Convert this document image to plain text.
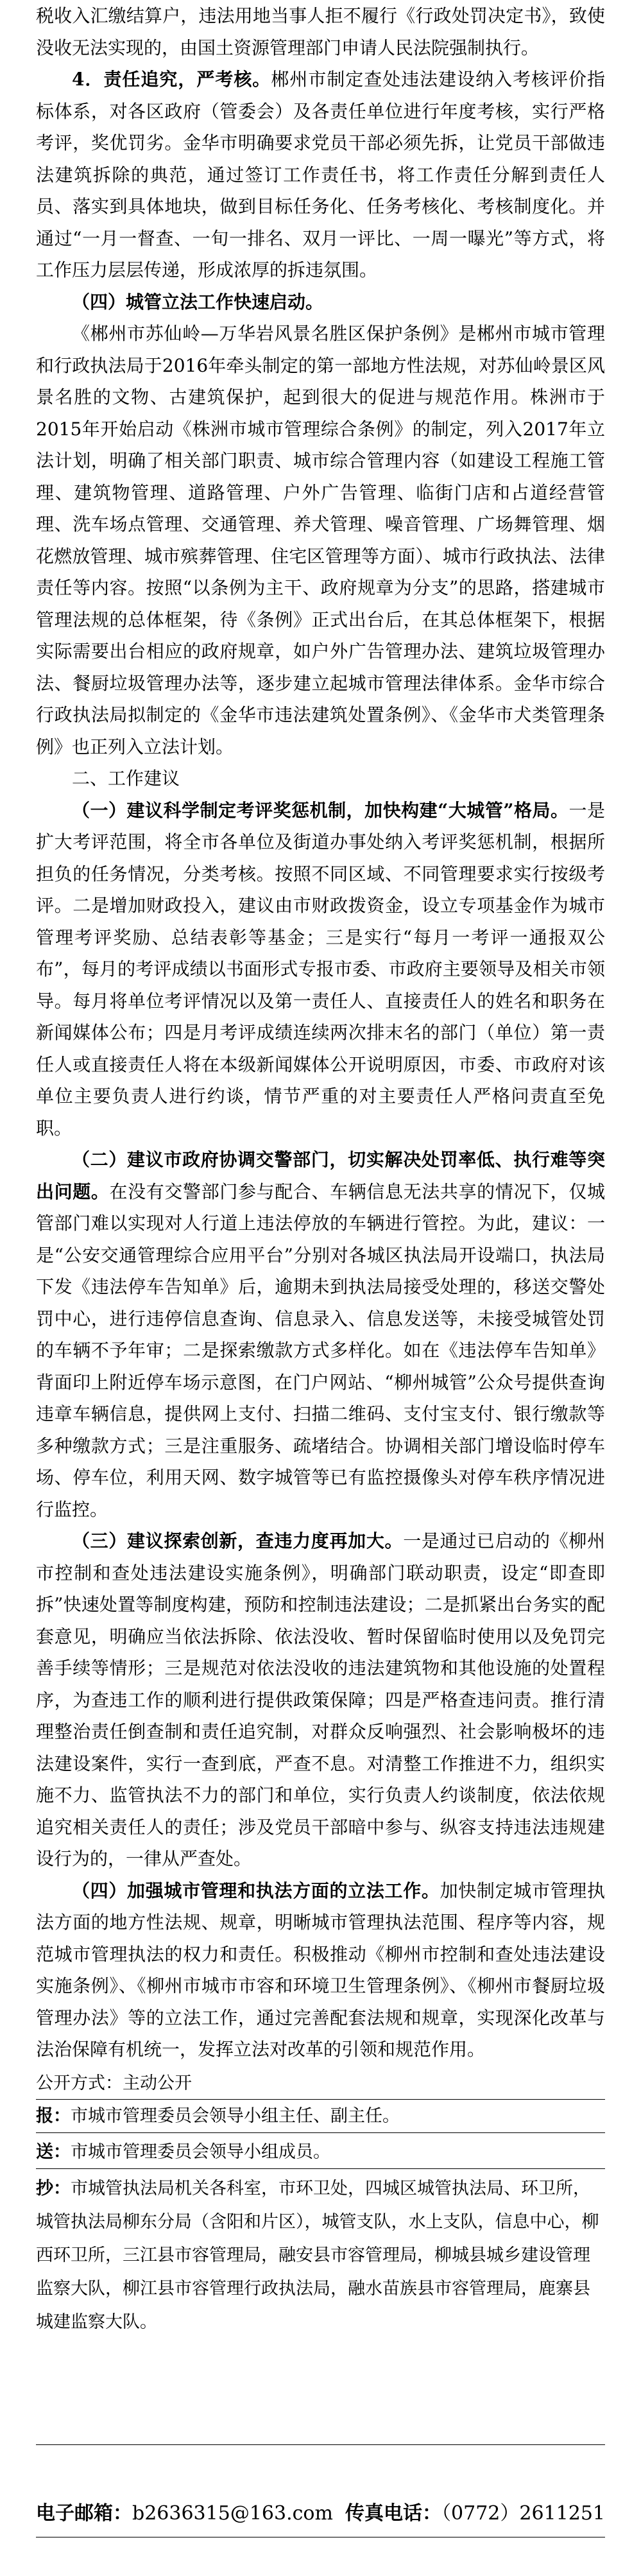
税收入汇缴结算户，违法用地当事人拒不履行《行政处罚决定书》，致使没收无法实现的，由国土资源管理部门申请人民法院强制执行。

4．责任追究，严考核。郴州市制定查处违法建设纳入考核评价指标体系，对各区政府（管委会）及各责任单位进行年度考核，实行严格考评，奖优罚劣。金华市明确要求党员干部必须先拆，让党员干部做违法建筑拆除的典范，通过签订工作责任书，将工作责任分解到责任人员、落实到具体地块，做到目标任务化、任务考核化、考核制度化。并通过“一月一督查、一旬一排名、双月一评比、一周一曝光”等方式，将工作压力层层传递，形成浓厚的拆违氛围。

（四）城管立法工作快速启动。

《郴州市苏仙岭—万华岩风景名胜区保护条例》是郴州市城市管理和行政执法局于2016年牵头制定的第一部地方性法规，对苏仙岭景区风景名胜的文物、古建筑保护，起到很大的促进与规范作用。株洲市于2015年开始启动《株洲市城市管理综合条例》的制定，列入2017年立法计划，明确了相关部门职责、城市综合管理内容（如建设工程施工管理、建筑物管理、道路管理、户外广告管理、临街门店和占道经营管理、洗车场点管理、交通管理、养犬管理、噪音管理、广场舞管理、烟花燃放管理、城市殡葬管理、住宅区管理等方面）、城市行政执法、法律责任等内容。按照“以条例为主干、政府规章为分支”的思路，搭建城市管理法规的总体框架，待《条例》正式出台后，在其总体框架下，根据实际需要出台相应的政府规章，如户外广告管理办法、建筑垃圾管理办法、餐厨垃圾管理办法等，逐步建立起城市管理法律体系。金华市综合行政执法局拟制定的《金华市违法建筑处置条例》、《金华市犬类管理条例》也正列入立法计划。

二、工作建议

（一）建议科学制定考评奖惩机制，加快构建“大城管”格局。一是扩大考评范围，将全市各单位及街道办事处纳入考评奖惩机制，根据所担负的任务情况，分类考核。按照不同区域、不同管理要求实行按级考评。二是增加财政投入，建议由市财政拨资金，设立专项基金作为城市管理考评奖励、总结表彰等基金；三是实行“每月一考评一通报双公布”，每月的考评成绩以书面形式专报市委、市政府主要领导及相关市领导。每月将单位考评情况以及第一责任人、直接责任人的姓名和职务在新闻媒体公布；四是月考评成绩连续两次排末名的部门（单位）第一责任人或直接责任人将在本级新闻媒体公开说明原因，市委、市政府对该单位主要负责人进行约谈，情节严重的对主要责任人严格问责直至免职。

（二）建议市政府协调交警部门，切实解决处罚率低、执行难等突出问题。在没有交警部门参与配合、车辆信息无法共享的情况下，仅城管部门难以实现对人行道上违法停放的车辆进行管控。为此，建议：一是“公安交通管理综合应用平台”分别对各城区执法局开设端口，执法局下发《违法停车告知单》后，逾期未到执法局接受处理的，移送交警处罚中心，进行违停信息查询、信息录入、信息发送等，未接受城管处罚的车辆不予年审；二是探索缴款方式多样化。如在《违法停车告知单》背面印上附近停车场示意图，在门户网站、“柳州城管”公众号提供查询违章车辆信息，提供网上支付、扫描二维码、支付宝支付、银行缴款等多种缴款方式；三是注重服务、疏堵结合。协调相关部门增设临时停车场、停车位，利用天网、数字城管等已有监控摄像头对停车秩序情况进行监控。

（三）建议探索创新，查违力度再加大。一是通过已启动的《柳州市控制和查处违法建设实施条例》，明确部门联动职责，设定“即查即拆”快速处置等制度构建，预防和控制违法建设；二是抓紧出台务实的配套意见，明确应当依法拆除、依法没收、暂时保留临时使用以及免罚完善手续等情形；三是规范对依法没收的违法建筑物和其他设施的处置程序，为查违工作的顺利进行提供政策保障；四是严格查违问责。推行清理整治责任倒查制和责任追究制，对群众反响强烈、社会影响极坏的违法建设案件，实行一查到底，严查不息。对清整工作推进不力，组织实施不力、监管执法不力的部门和单位，实行负责人约谈制度，依法依规追究相关责任人的责任；涉及党员干部暗中参与、纵容支持违法违规建设行为的，一律从严查处。

（四）加强城市管理和执法方面的立法工作。加快制定城市管理执法方面的地方性法规、规章，明晰城市管理执法范围、程序等内容，规范城市管理执法的权力和责任。积极推动《柳州市控制和查处违法建设实施条例》、《柳州市城市市容和环境卫生管理条例》、《柳州市餐厨垃圾管理办法》等的立法工作，通过完善配套法规和规章，实现深化改革与法治保障有机统一，发挥立法对改革的引领和规范作用。

公开方式：主动公开
报：市城市管理委员会领导小组主任、副主任。
送：市城市管理委员会领导小组成员。
抄：市城管执法局机关各科室，市环卫处，四城区城管执法局、环卫所，城管执法局柳东分局（含阳和片区），城管支队，水上支队，信息中心，柳西环卫所，三江县市容管理局，融安县市容管理局，柳城县城乡建设管理监察大队，柳江县市容管理行政执法局，融水苗族县市容管理局，鹿寨县城建监察大队。
电子邮箱：b2636315@163.com 传真电话：（0772）2611251
